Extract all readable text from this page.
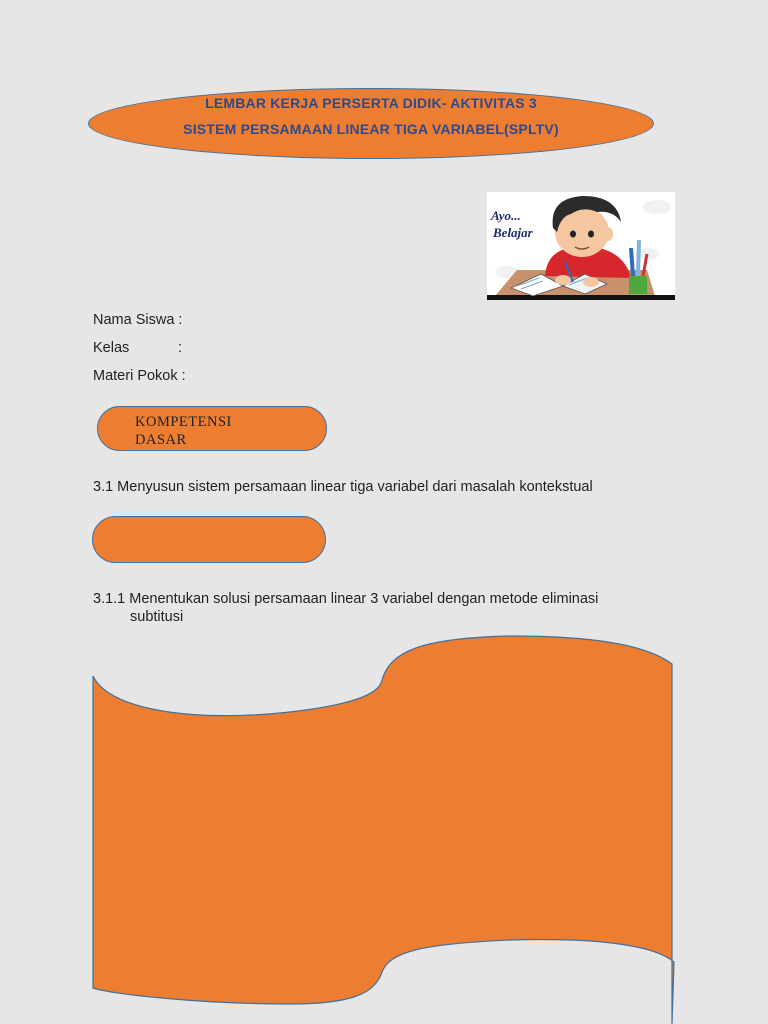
LEMBAR KERJA PERSERTA DIDIK- AKTIVITAS 3
SISTEM PERSAMAAN LINEAR TIGA VARIABEL(SPLTV)
Ayo...
Belajar
Nama Siswa :
Kelas	:
Materi Pokok :
KOMPETENSI DASAR
3.1 Menyusun sistem persamaan linear tiga variabel dari masalah kontekstual
3.1.1 Menentukan solusi persamaan linear 3 variabel dengan metode eliminasi
subtitusi
